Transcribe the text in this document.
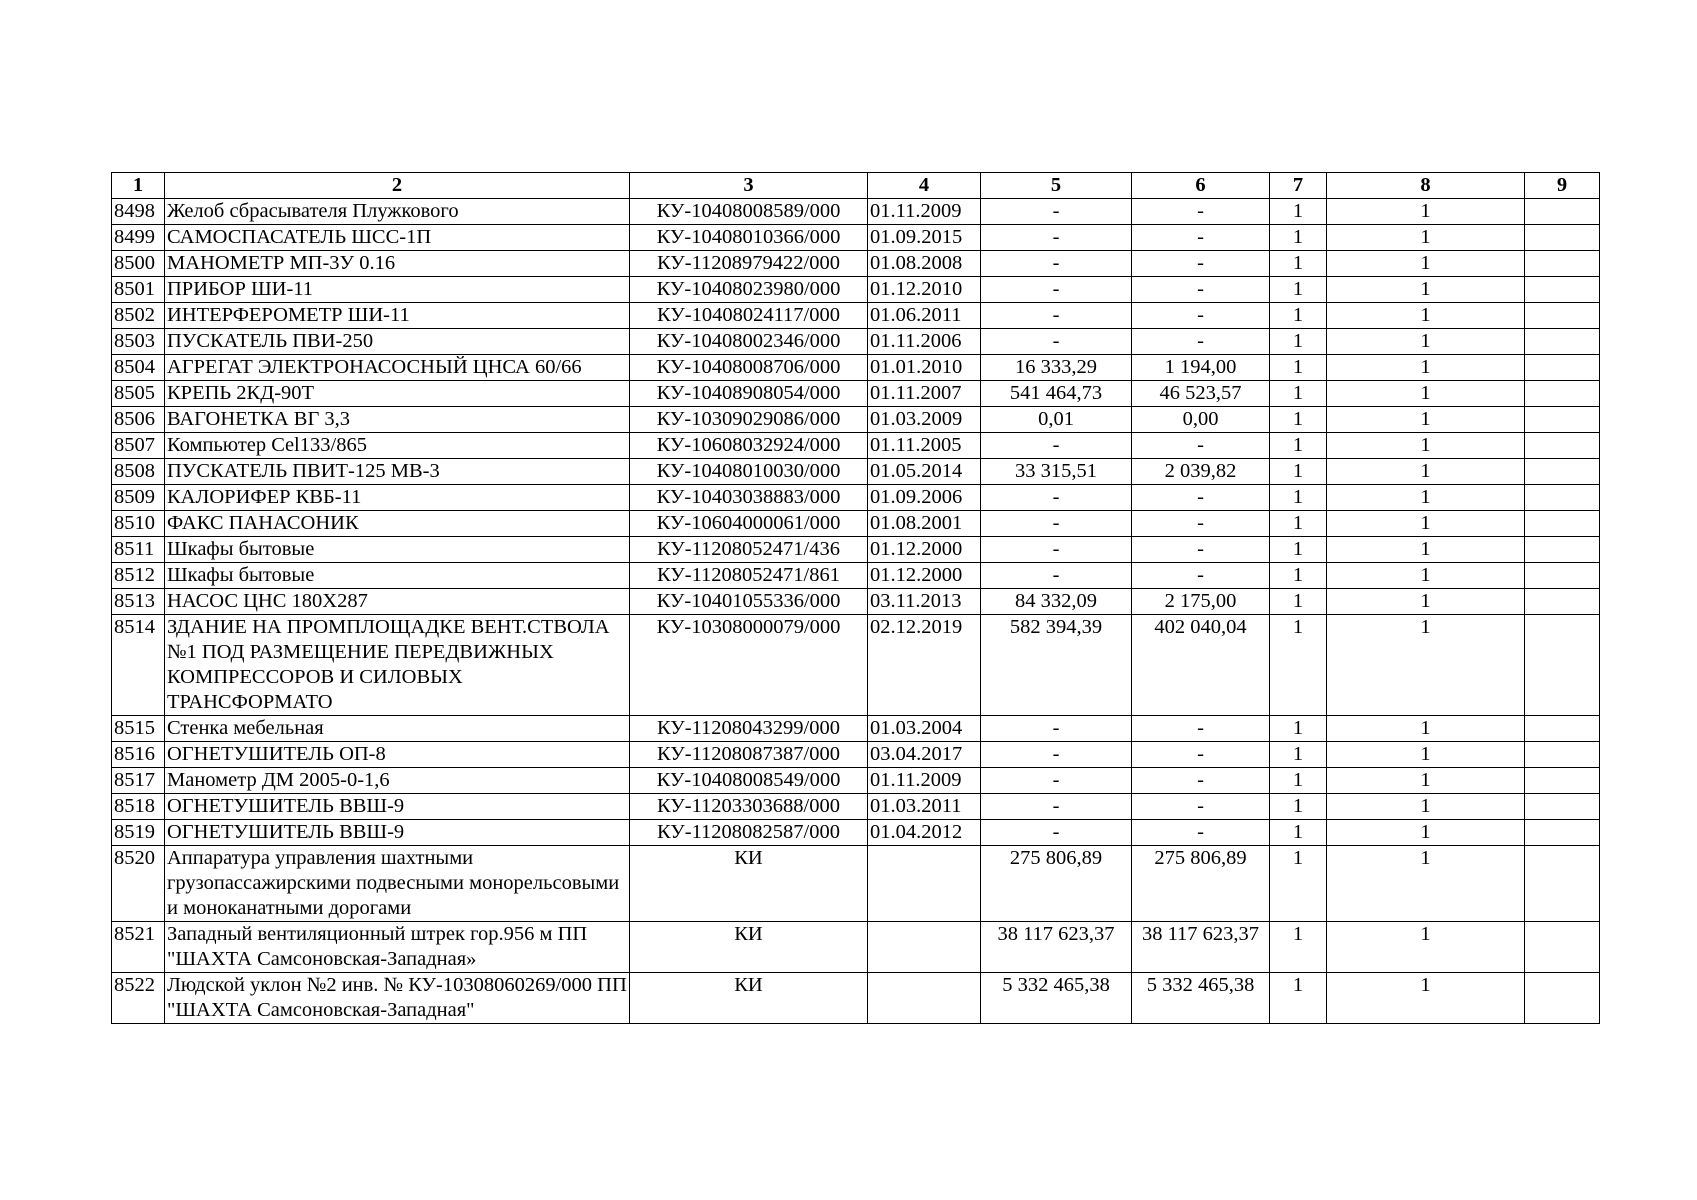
1	2	3	4	5	6	7	8	9
8498	Желоб сбрасывателя Плужкового	КУ-10408008589/000	01.11.2009	-	-	1	1	
8499	САМОСПАСАТЕЛЬ ШСС-1П	КУ-10408010366/000	01.09.2015	-	-	1	1	
8500	МАНОМЕТР МП-3У 0.16	КУ-11208979422/000	01.08.2008	-	-	1	1	
8501	ПРИБОР ШИ-11	КУ-10408023980/000	01.12.2010	-	-	1	1	
8502	ИНТЕРФЕРОМЕТР ШИ-11	КУ-10408024117/000	01.06.2011	-	-	1	1	
8503	ПУСКАТЕЛЬ ПВИ-250	КУ-10408002346/000	01.11.2006	-	-	1	1	
8504	АГРЕГАТ ЭЛЕКТРОНАСОСНЫЙ ЦНСА 60/66	КУ-10408008706/000	01.01.2010	16 333,29	1 194,00	1	1	
8505	КРЕПЬ 2КД-90Т	КУ-10408908054/000	01.11.2007	541 464,73	46 523,57	1	1	
8506	ВАГОНЕТКА ВГ 3,3	КУ-10309029086/000	01.03.2009	0,01	0,00	1	1	
8507	Компьютер Cel133/865	КУ-10608032924/000	01.11.2005	-	-	1	1	
8508	ПУСКАТЕЛЬ ПВИТ-125 МВ-3	КУ-10408010030/000	01.05.2014	33 315,51	2 039,82	1	1	
8509	КАЛОРИФЕР КВБ-11	КУ-10403038883/000	01.09.2006	-	-	1	1	
8510	ФАКС ПАНАСОНИК	КУ-10604000061/000	01.08.2001	-	-	1	1	
8511	Шкафы бытовые	КУ-11208052471/436	01.12.2000	-	-	1	1	
8512	Шкафы бытовые	КУ-11208052471/861	01.12.2000	-	-	1	1	
8513	НАСОС ЦНС 180Х287	КУ-10401055336/000	03.11.2013	84 332,09	2 175,00	1	1	
8514	ЗДАНИЕ НА ПРОМПЛОЩАДКЕ ВЕНТ.СТВОЛА №1 ПОД РАЗМЕЩЕНИЕ ПЕРЕДВИЖНЫХ КОМПРЕССОРОВ И СИЛОВЫХ ТРАНСФОРМАТО	КУ-10308000079/000	02.12.2019	582 394,39	402 040,04	1	1	
8515	Стенка мебельная	КУ-11208043299/000	01.03.2004	-	-	1	1	
8516	ОГНЕТУШИТЕЛЬ ОП-8	КУ-11208087387/000	03.04.2017	-	-	1	1	
8517	Манометр ДМ 2005-0-1,6	КУ-10408008549/000	01.11.2009	-	-	1	1	
8518	ОГНЕТУШИТЕЛЬ ВВШ-9	КУ-11203303688/000	01.03.2011	-	-	1	1	
8519	ОГНЕТУШИТЕЛЬ ВВШ-9	КУ-11208082587/000	01.04.2012	-	-	1	1	
8520	Аппаратура управления шахтными грузопассажирскими подвесными монорельсовыми и моноканатными дорогами	КИ		275 806,89	275 806,89	1	1	
8521	Западный вентиляционный штрек гор.956 м ПП "ШАХТА Самсоновская-Западная»	КИ		38 117 623,37	38 117 623,37	1	1	
8522	Людской уклон №2 инв. № КУ-10308060269/000 ПП "ШАХТА Самсоновская-Западная"	КИ		5 332 465,38	5 332 465,38	1	1	
